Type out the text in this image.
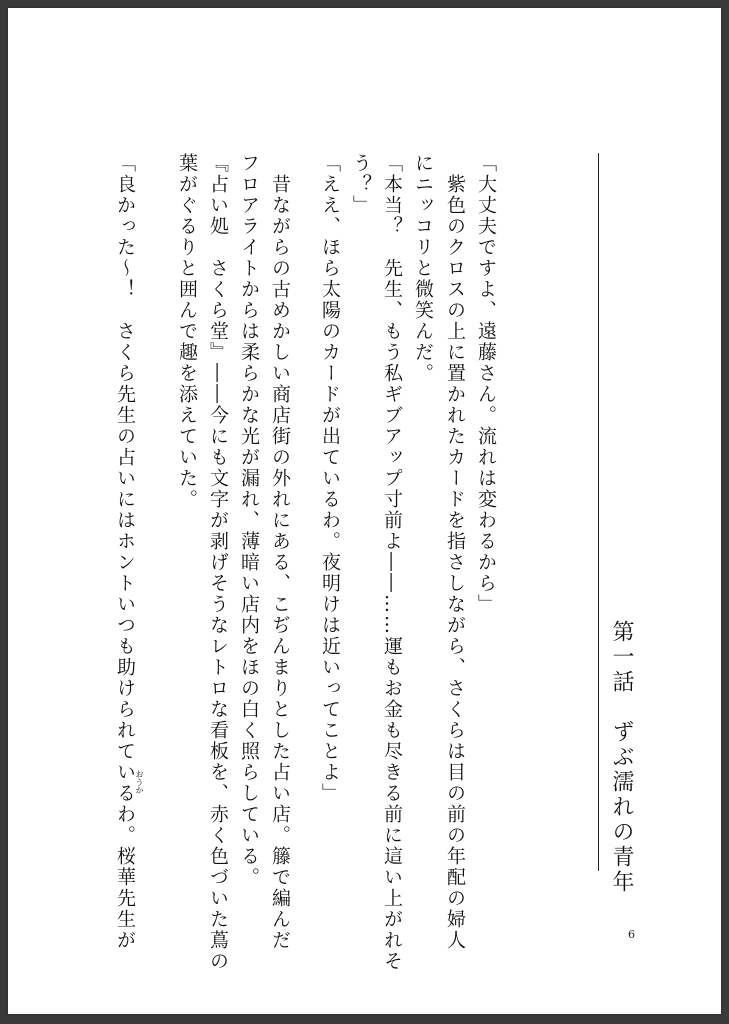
第一話　ずぶ濡れの青年
「大丈夫ですよ、遠藤さん。流れは変わるから」
　紫色のクロスの上に置かれたカードを指さしながら、さくらは目の前の年配の婦人
にニッコリと微笑んだ。
「本当？　先生、もう私ギブアップ寸前よ――……運もお金も尽きる前に這い上がれそ
う？」
「ええ、ほら太陽のカードが出ているわ。夜明けは近いってことよ」
　昔ながらの古めかしい商店街の外れにある、こぢんまりとした占い店。籐で編んだ
フロアライトからは柔らかな光が漏れ、薄暗い店内をほの白く照らしている。
『占い処　さくら堂』――今にも文字が剥げそうなレトロな看板を、赤く色づいた蔦の
葉がぐるりと囲んで趣を添えていた。
「良かった～！　さくら先生の占いにはホントいつも助けられているわ。桜華先生が おうか
6
